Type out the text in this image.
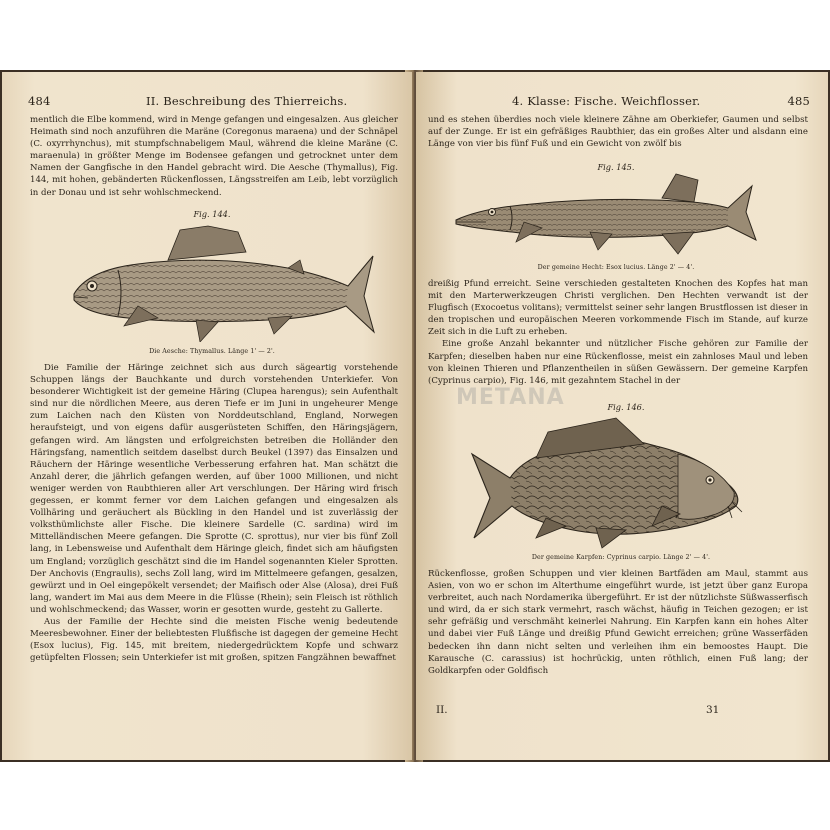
484	II. Beschreibung des Thierreichs.

mentlich die Elbe kommend, wird in Menge gefangen und eingesalzen. Aus gleicher Heimath sind noch anzuführen die Maräne (Coregonus maraena) und der Schnäpel (C. oxyrrhynchus), mit stumpfschnabeligem Maul, während die kleine Maräne (C. maraenula) in größter Menge im Bodensee gefangen und getrocknet unter dem Namen der Gangfische in den Handel gebracht wird. Die Aesche (Thymallus), Fig. 144, mit hohen, gebänderten Rückenflossen, Längsstreifen am Leib, lebt vorzüglich in der Donau und ist sehr wohlschmeckend.

Fig. 144.
Die Aesche: Thymallus. Länge 1' — 2'.

Die Familie der Häringe zeichnet sich aus durch sägeartig vorstehende Schuppen längs der Bauchkante und durch vorstehenden Unterkiefer. Von besonderer Wichtigkeit ist der gemeine Häring (Clupea harengus); sein Aufenthalt sind nur die nördlichen Meere, aus deren Tiefe er im Juni in ungeheurer Menge zum Laichen nach den Küsten von Norddeutschland, England, Norwegen heraufsteigt, und von eigens dafür ausgerüsteten Schiffen, den Häringsjägern, gefangen wird. Am längsten und erfolgreichsten betreiben die Holländer den Häringsfang, namentlich seitdem daselbst durch Beukel (1397) das Einsalzen und Räuchern der Häringe wesentliche Verbesserung erfahren hat. Man schätzt die Anzahl derer, die jährlich gefangen werden, auf über 1000 Millionen, und nicht weniger werden von Raubthieren aller Art verschlungen. Der Häring wird frisch gegessen, er kommt ferner vor dem Laichen gefangen und eingesalzen als Vollhäring und geräuchert als Bückling in den Handel und ist zuverlässig der volksthümlichste aller Fische. Die kleinere Sardelle (C. sardina) wird im Mittelländischen Meere gefangen. Die Sprotte (C. sprottus), nur vier bis fünf Zoll lang, in Lebensweise und Aufenthalt dem Häringe gleich, findet sich am häufigsten um England; vorzüglich geschätzt sind die im Handel sogenannten Kieler Sprotten. Der Anchovis (Engraulis), sechs Zoll lang, wird im Mittelmeere gefangen, gesalzen, gewürzt und in Oel eingepökelt versendet; der Maifisch oder Alse (Alosa), drei Fuß lang, wandert im Mai aus dem Meere in die Flüsse (Rhein); sein Fleisch ist röthlich und wohlschmeckend; das Wasser, worin er gesotten wurde, gesteht zu Gallerte.

Aus der Familie der Hechte sind die meisten Fische wenig bedeutende Meeresbewohner. Einer der beliebtesten Flußfische ist dagegen der gemeine Hecht (Esox lucius), Fig. 145, mit breitem, niedergedrücktem Kopfe und schwarz getüpfelten Flossen; sein Unterkiefer ist mit großen, spitzen Fangzähnen bewaffnet

4. Klasse: Fische. Weichflosser.	485

und es stehen überdies noch viele kleinere Zähne am Oberkiefer, Gaumen und selbst auf der Zunge. Er ist ein gefräßiges Raubthier, das ein großes Alter und alsdann eine Länge von vier bis fünf Fuß und ein Gewicht von zwölf bis

Fig. 145.
Der gemeine Hecht: Esox lucius. Länge 2' — 4'.

dreißig Pfund erreicht. Seine verschieden gestalteten Knochen des Kopfes hat man mit den Marterwerkzeugen Christi verglichen. Den Hechten verwandt ist der Flugfisch (Exocoetus volitans); vermittelst seiner sehr langen Brustflossen ist dieser in den tropischen und europäischen Meeren vorkommende Fisch im Stande, auf kurze Zeit sich in die Luft zu erheben.

Eine große Anzahl bekannter und nützlicher Fische gehören zur Familie der Karpfen; dieselben haben nur eine Rückenflosse, meist ein zahnloses Maul und leben von kleinen Thieren und Pflanzentheilen in süßen Gewässern. Der gemeine Karpfen (Cyprinus carpio), Fig. 146, mit gezahntem Stachel in der

Fig. 146.
Der gemeine Karpfen: Cyprinus carpio. Länge 2' — 4'.

Rückenflosse, großen Schuppen und vier kleinen Bartfäden am Maul, stammt aus Asien, von wo er schon im Alterthume eingeführt wurde, ist jetzt über ganz Europa verbreitet, auch nach Nordamerika übergeführt. Er ist der nützlichste Süßwasserfisch und wird, da er sich stark vermehrt, rasch wächst, häufig in Teichen gezogen; er ist sehr gefräßig und verschmäht keinerlei Nahrung. Ein Karpfen kann ein hohes Alter und dabei vier Fuß Länge und dreißig Pfund Gewicht erreichen; grüne Wasserfäden bedecken ihn dann nicht selten und verleihen ihm ein bemoostes Haupt. Die Karausche (C. carassius) ist hochrückig, unten röthlich, einen Fuß lang; der Goldkarpfen oder Goldfisch

II.	31
METANA
